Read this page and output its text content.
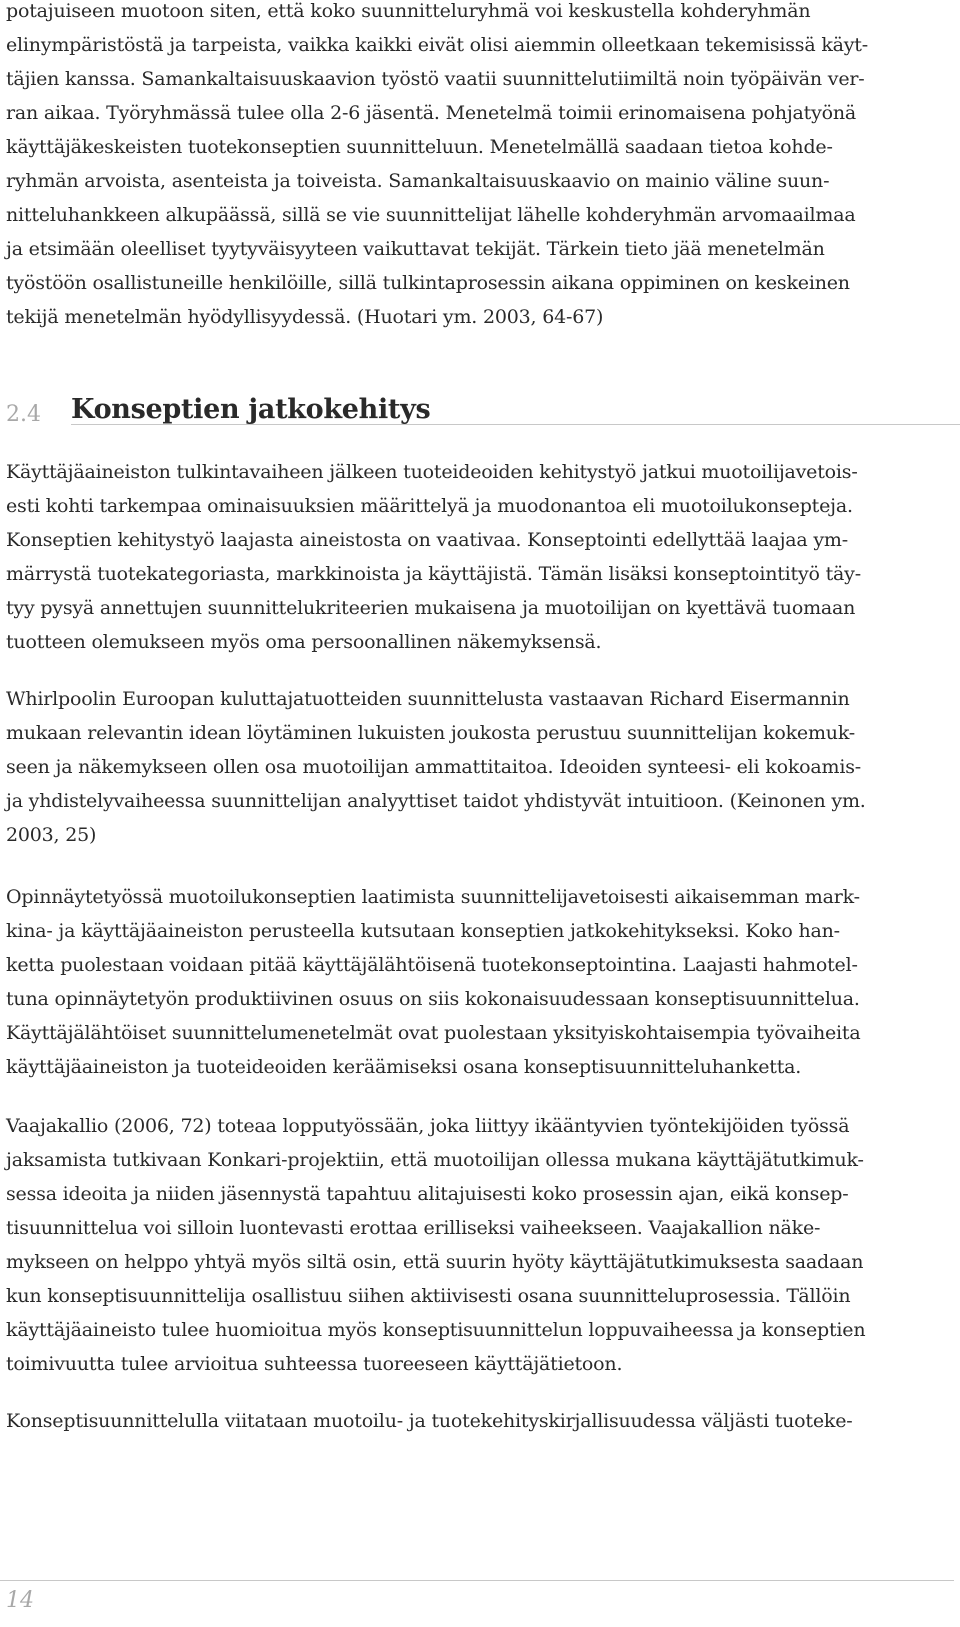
potajuiseen muotoon siten, että koko suunnitteluryhmä voi keskustella kohderyhmän
elinympäristöstä ja tarpeista, vaikka kaikki eivät olisi aiemmin olleetkaan tekemisissä käyt-
täjien kanssa. Samankaltaisuuskaavion työstö vaatii suunnittelutiimiltä noin työpäivän ver-
ran aikaa. Työryhmässä tulee olla 2-6 jäsentä. Menetelmä toimii erinomaisena pohjatyönä
käyttäjäkeskeisten tuotekonseptien suunnitteluun. Menetelmällä saadaan tietoa kohde-
ryhmän arvoista, asenteista ja toiveista. Samankaltaisuuskaavio on mainio väline suun-
nitteluhankkeen alkupäässä, sillä se vie suunnittelijat lähelle kohderyhmän arvomaailmaa
ja etsimään oleelliset tyytyväisyyteen vaikuttavat tekijät. Tärkein tieto jää menetelmän
työstöön osallistuneille henkilöille, sillä tulkintaprosessin aikana oppiminen on keskeinen
tekijä menetelmän hyödyllisyydessä. (Huotari ym. 2003, 64-67)

2.4 Konseptien jatkokehitys

Käyttäjäaineiston tulkintavaiheen jälkeen tuoteideoiden kehitystyö jatkui muotoilijavetois-
esti kohti tarkempaa ominaisuuksien määrittelyä ja muodonantoa eli muotoilukonsepteja.
Konseptien kehitystyö laajasta aineistosta on vaativaa. Konseptointi edellyttää laajaa ym-
märrystä tuotekategoriasta, markkinoista ja käyttäjistä. Tämän lisäksi konseptointityö täy-
tyy pysyä annettujen suunnittelukriteerien mukaisena ja muotoilijan on kyettävä tuomaan
tuotteen olemukseen myös oma persoonallinen näkemyksensä.

Whirlpoolin Euroopan kuluttajatuotteiden suunnittelusta vastaavan Richard Eisermannin
mukaan relevantin idean löytäminen lukuisten joukosta perustuu suunnittelijan kokemuk-
seen ja näkemykseen ollen osa muotoilijan ammattitaitoa. Ideoiden synteesi- eli kokoamis-
ja yhdistelyvaiheessa suunnittelijan analyyttiset taidot yhdistyvät intuitioon. (Keinonen ym.
2003, 25)

Opinnäytetyössä muotoilukonseptien laatimista suunnittelijavetoisesti aikaisemman mark-
kina- ja käyttäjäaineiston perusteella kutsutaan konseptien jatkokehitykseksi. Koko han-
ketta puolestaan voidaan pitää käyttäjälähtöisenä tuotekonseptointina. Laajasti hahmotel-
tuna opinnäytetyön produktiivinen osuus on siis kokonaisuudessaan konseptisuunnittelua.
Käyttäjälähtöiset suunnittelumenetelmät ovat puolestaan yksityiskohtaisempia työvaiheita
käyttäjäaineiston ja tuoteideoiden keräämiseksi osana konseptisuunnitteluhanketta.

Vaajakallio (2006, 72) toteaa lopputyössään, joka liittyy ikääntyvien työntekijöiden työssä
jaksamista tutkivaan Konkari-projektiin, että muotoilijan ollessa mukana käyttäjätutkimuk-
sessa ideoita ja niiden jäsennystä tapahtuu alitajuisesti koko prosessin ajan, eikä konsep-
tisuunnittelua voi silloin luontevasti erottaa erilliseksi vaiheekseen. Vaajakallion näke-
mykseen on helppo yhtyä myös siltä osin, että suurin hyöty käyttäjätutkimuksesta saadaan
kun konseptisuunnittelija osallistuu siihen aktiivisesti osana suunnitteluprosessia. Tällöin
käyttäjäaineisto tulee huomioitua myös konseptisuunnittelun loppuvaiheessa ja konseptien
toimivuutta tulee arvioitua suhteessa tuoreeseen käyttäjätietoon.

Konseptisuunnittelulla viitataan muotoilu- ja tuotekehityskirjallisuudessa väljästi tuoteke-

14
